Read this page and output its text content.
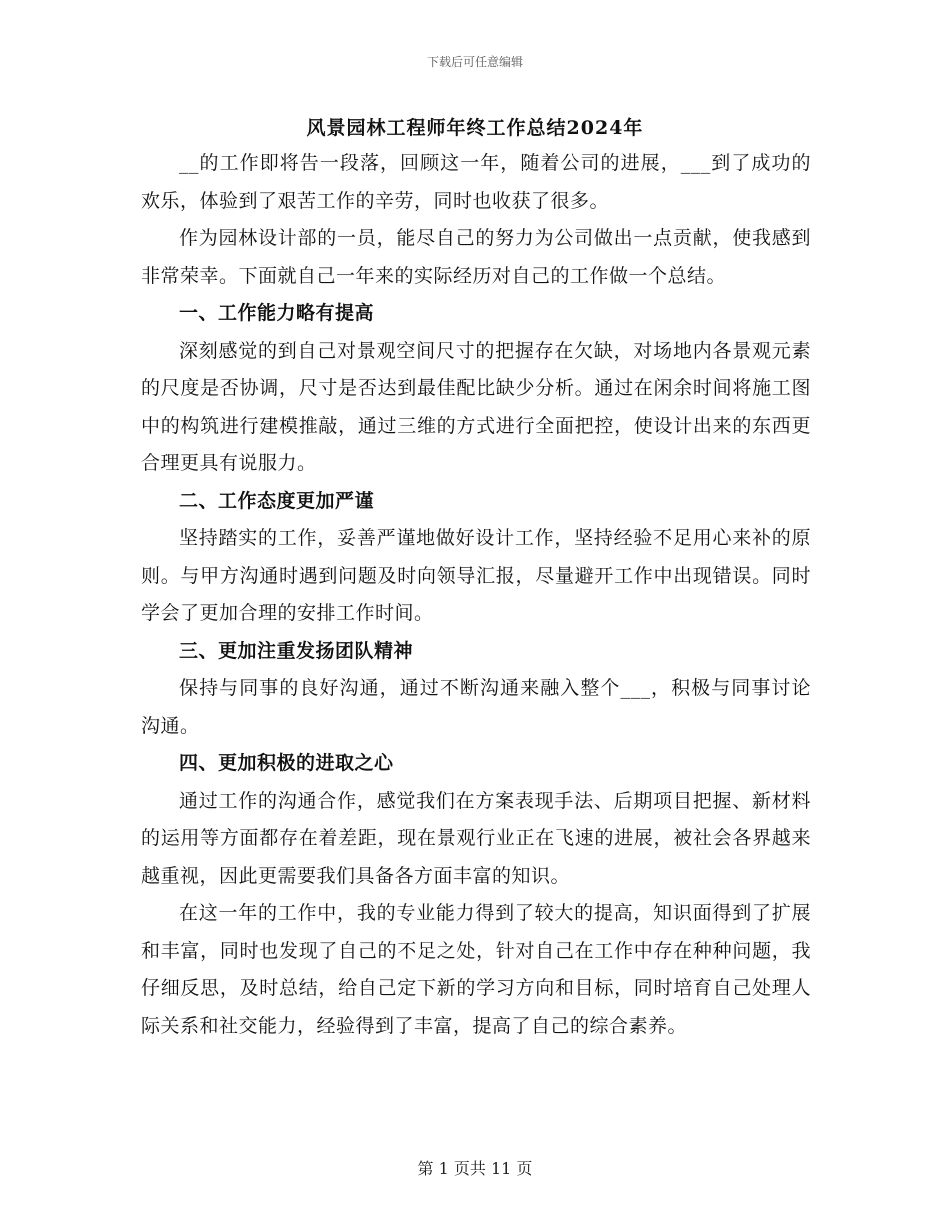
下载后可任意编辑
风景园林工程师年终工作总结2024年

__的工作即将告一段落，回顾这一年，随着公司的进展，___到了成功的欢乐，体验到了艰苦工作的辛劳，同时也收获了很多。

作为园林设计部的一员，能尽自己的努力为公司做出一点贡献，使我感到非常荣幸。下面就自己一年来的实际经历对自己的工作做一个总结。

一、工作能力略有提高

深刻感觉的到自己对景观空间尺寸的把握存在欠缺，对场地内各景观元素的尺度是否协调，尺寸是否达到最佳配比缺少分析。通过在闲余时间将施工图中的构筑进行建模推敲，通过三维的方式进行全面把控，使设计出来的东西更合理更具有说服力。

二、工作态度更加严谨

坚持踏实的工作，妥善严谨地做好设计工作，坚持经验不足用心来补的原则。与甲方沟通时遇到问题及时向领导汇报，尽量避开工作中出现错误。同时学会了更加合理的安排工作时间。

三、更加注重发扬团队精神

保持与同事的良好沟通，通过不断沟通来融入整个___，积极与同事讨论沟通。

四、更加积极的进取之心

通过工作的沟通合作，感觉我们在方案表现手法、后期项目把握、新材料的运用等方面都存在着差距，现在景观行业正在飞速的进展，被社会各界越来越重视，因此更需要我们具备各方面丰富的知识。

在这一年的工作中，我的专业能力得到了较大的提高，知识面得到了扩展和丰富，同时也发现了自己的不足之处，针对自己在工作中存在种种问题，我仔细反思，及时总结，给自己定下新的学习方向和目标，同时培育自己处理人际关系和社交能力，经验得到了丰富，提高了自己的综合素养。

第 1 页共 11 页
